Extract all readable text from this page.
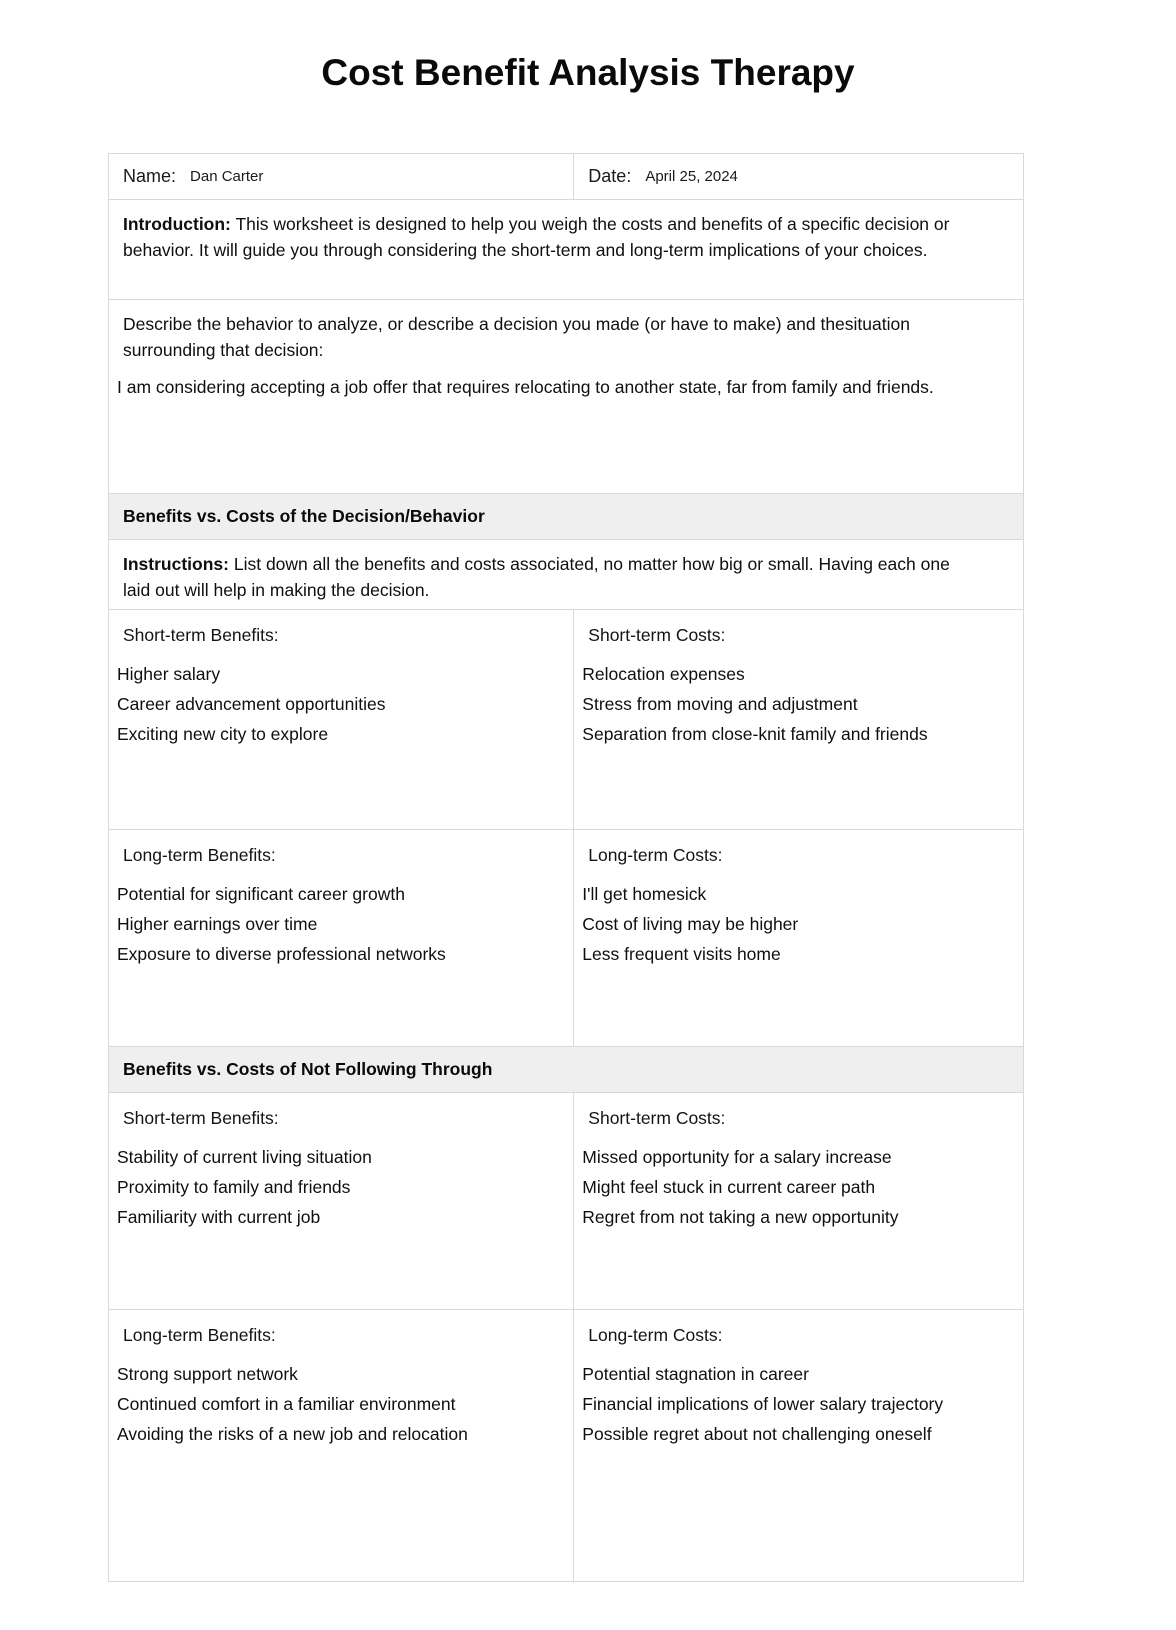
Cost Benefit Analysis Therapy
Name: Dan Carter	Date: April 25, 2024

Introduction: This worksheet is designed to help you weigh the costs and benefits of a specific decision or behavior. It will guide you through considering the short-term and long-term implications of your choices.

Describe the behavior to analyze, or describe a decision you made (or have to make) and thesituation surrounding that decision:

I am considering accepting a job offer that requires relocating to another state, far from family and friends.
Benefits vs. Costs of the Decision/Behavior

Instructions: List down all the benefits and costs associated, no matter how big or small. Having each one laid out will help in making the decision.

Short-term Benefits:
Higher salary
Career advancement opportunities
Exciting new city to explore
Short-term Costs:
Relocation expenses
Stress from moving and adjustment
Separation from close-knit family and friends
Long-term Benefits:
Potential for significant career growth
Higher earnings over time
Exposure to diverse professional networks
Long-term Costs:
I'll get homesick
Cost of living may be higher
Less frequent visits home
Benefits vs. Costs of Not Following Through
Short-term Benefits:
Stability of current living situation
Proximity to family and friends
Familiarity with current job
Short-term Costs:
Missed opportunity for a salary increase
Might feel stuck in current career path
Regret from not taking a new opportunity
Long-term Benefits:
Strong support network
Continued comfort in a familiar environment
Avoiding the risks of a new job and relocation
Long-term Costs:
Potential stagnation in career
Financial implications of lower salary trajectory
Possible regret about not challenging oneself
